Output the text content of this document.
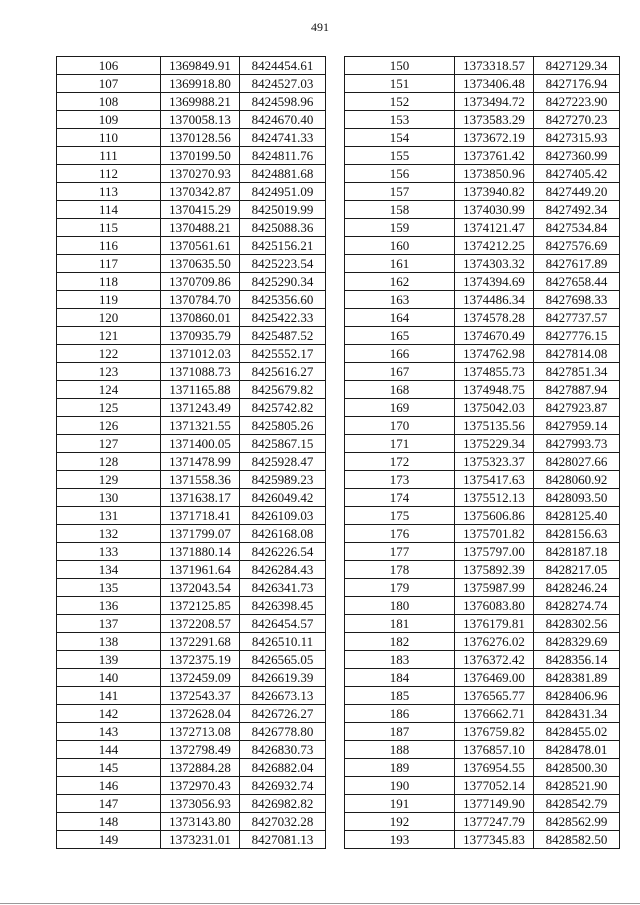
491
106	1369849.91	8424454.61
107	1369918.80	8424527.03
108	1369988.21	8424598.96
109	1370058.13	8424670.40
110	1370128.56	8424741.33
111	1370199.50	8424811.76
112	1370270.93	8424881.68
113	1370342.87	8424951.09
114	1370415.29	8425019.99
115	1370488.21	8425088.36
116	1370561.61	8425156.21
117	1370635.50	8425223.54
118	1370709.86	8425290.34
119	1370784.70	8425356.60
120	1370860.01	8425422.33
121	1370935.79	8425487.52
122	1371012.03	8425552.17
123	1371088.73	8425616.27
124	1371165.88	8425679.82
125	1371243.49	8425742.82
126	1371321.55	8425805.26
127	1371400.05	8425867.15
128	1371478.99	8425928.47
129	1371558.36	8425989.23
130	1371638.17	8426049.42
131	1371718.41	8426109.03
132	1371799.07	8426168.08
133	1371880.14	8426226.54
134	1371961.64	8426284.43
135	1372043.54	8426341.73
136	1372125.85	8426398.45
137	1372208.57	8426454.57
138	1372291.68	8426510.11
139	1372375.19	8426565.05
140	1372459.09	8426619.39
141	1372543.37	8426673.13
142	1372628.04	8426726.27
143	1372713.08	8426778.80
144	1372798.49	8426830.73
145	1372884.28	8426882.04
146	1372970.43	8426932.74
147	1373056.93	8426982.82
148	1373143.80	8427032.28
149	1373231.01	8427081.13
150	1373318.57	8427129.34
151	1373406.48	8427176.94
152	1373494.72	8427223.90
153	1373583.29	8427270.23
154	1373672.19	8427315.93
155	1373761.42	8427360.99
156	1373850.96	8427405.42
157	1373940.82	8427449.20
158	1374030.99	8427492.34
159	1374121.47	8427534.84
160	1374212.25	8427576.69
161	1374303.32	8427617.89
162	1374394.69	8427658.44
163	1374486.34	8427698.33
164	1374578.28	8427737.57
165	1374670.49	8427776.15
166	1374762.98	8427814.08
167	1374855.73	8427851.34
168	1374948.75	8427887.94
169	1375042.03	8427923.87
170	1375135.56	8427959.14
171	1375229.34	8427993.73
172	1375323.37	8428027.66
173	1375417.63	8428060.92
174	1375512.13	8428093.50
175	1375606.86	8428125.40
176	1375701.82	8428156.63
177	1375797.00	8428187.18
178	1375892.39	8428217.05
179	1375987.99	8428246.24
180	1376083.80	8428274.74
181	1376179.81	8428302.56
182	1376276.02	8428329.69
183	1376372.42	8428356.14
184	1376469.00	8428381.89
185	1376565.77	8428406.96
186	1376662.71	8428431.34
187	1376759.82	8428455.02
188	1376857.10	8428478.01
189	1376954.55	8428500.30
190	1377052.14	8428521.90
191	1377149.90	8428542.79
192	1377247.79	8428562.99
193	1377345.83	8428582.50
